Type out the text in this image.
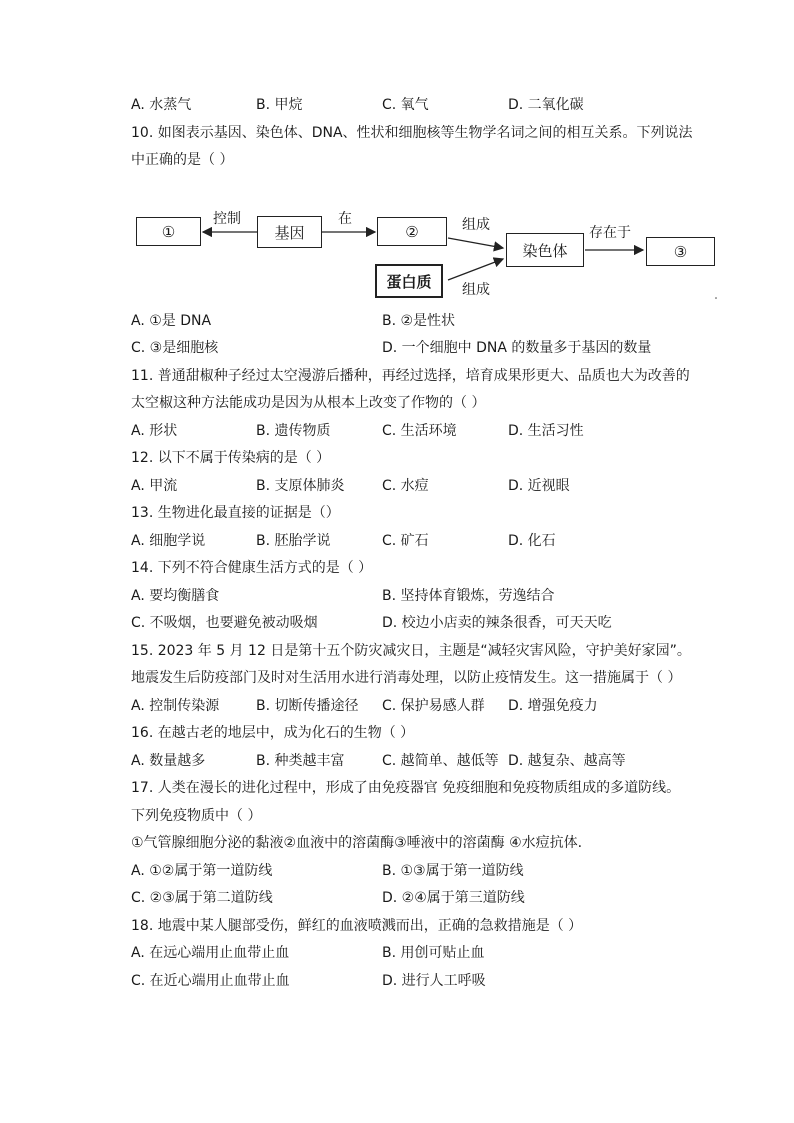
A. 水蒸气	B. 甲烷	C. 氧气	D. 二氧化碳
10. 如图表示基因、染色体、DNA、性状和细胞核等生物学名词之间的相互关系。下列说法
中正确的是（ ）
①	基因	②
蛋白质
染色体	③
控制	在	组成
组成
存在于
A. ①是 DNA	B. ②是性状
C. ③是细胞核	D. 一个细胞中 DNA 的数量多于基因的数量
11. 普通甜椒种子经过太空漫游后播种，再经过选择，培育成果形更大、品质也大为改善的
太空椒这种方法能成功是因为从根本上改变了作物的（ ）
A. 形状	B. 遗传物质	C. 生活环境	D. 生活习性
12. 以下不属于传染病的是（ ）
A. 甲流	B. 支原体肺炎	C. 水痘	D. 近视眼
13. 生物进化最直接的证据是（）
A. 细胞学说	B. 胚胎学说	C. 矿石	D. 化石
14. 下列不符合健康生活方式的是（ ）
A. 要均衡膳食	B. 坚持体育锻炼，劳逸结合
C. 不吸烟，也要避免被动吸烟	D. 校边小店卖的辣条很香，可天天吃
15. 2023 年 5 月 12 日是第十五个防灾减灾日，主题是“减轻灾害风险，守护美好家园”。
地震发生后防疫部门及时对生活用水进行消毒处理，以防止疫情发生。这一措施属于（ ）
A. 控制传染源	B. 切断传播途径 C. 保护易感人群 D. 增强免疫力
16. 在越古老的地层中，成为化石的生物（ ）
A. 数量越多	B. 种类越丰富	C. 越简单、越低等 D. 越复杂、越高等
17. 人类在漫长的进化过程中，形成了由免疫器官 免疫细胞和免疫物质组成的多道防线。
下列免疫物质中（ ）
①气管腺细胞分泌的黏液②血液中的溶菌酶③唾液中的溶菌酶 ④水痘抗体.
A. ①②属于第一道防线	B. ①③属于第一道防线
C. ②③属于第二道防线	D. ②④属于第三道防线
18. 地震中某人腿部受伤，鲜红的血液喷溅而出，正确的急救措施是（ ）
A. 在远心端用止血带止血	B. 用创可贴止血
C. 在近心端用止血带止血	D. 进行人工呼吸
